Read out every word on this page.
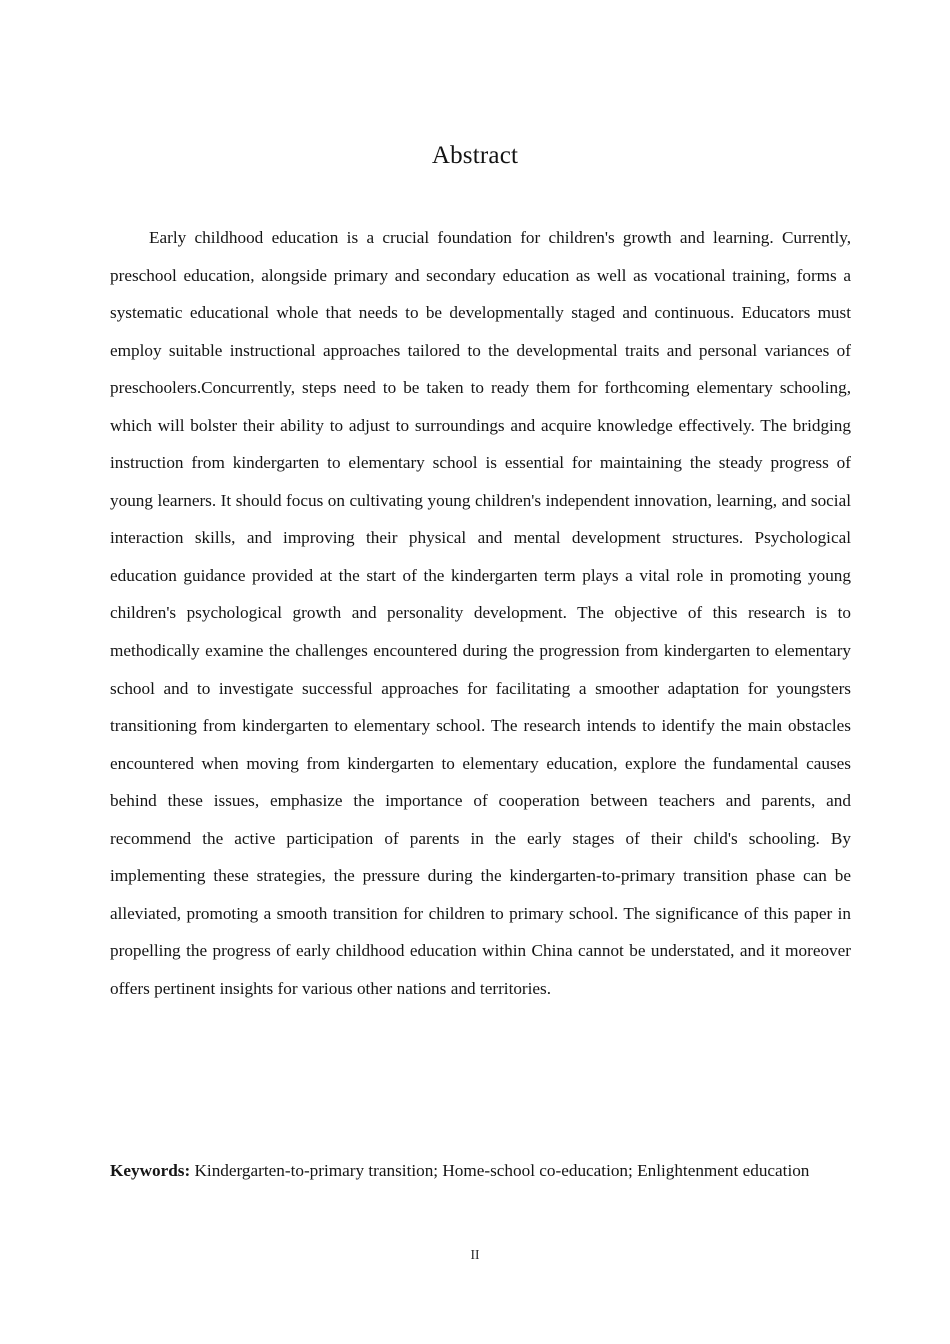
Abstract

Early childhood education is a crucial foundation for children's growth and learning. Currently, preschool education, alongside primary and secondary education as well as vocational training, forms a systematic educational whole that needs to be developmentally staged and continuous. Educators must employ suitable instructional approaches tailored to the developmental traits and personal variances of preschoolers.Concurrently, steps need to be taken to ready them for forthcoming elementary schooling, which will bolster their ability to adjust to surroundings and acquire knowledge effectively. The bridging instruction from kindergarten to elementary school is essential for maintaining the steady progress of young learners. It should focus on cultivating young children's independent innovation, learning, and social interaction skills, and improving their physical and mental development structures. Psychological education guidance provided at the start of the kindergarten term plays a vital role in promoting young children's psychological growth and personality development. The objective of this research is to methodically examine the challenges encountered during the progression from kindergarten to elementary school and to investigate successful approaches for facilitating a smoother adaptation for youngsters transitioning from kindergarten to elementary school. The research intends to identify the main obstacles encountered when moving from kindergarten to elementary education, explore the fundamental causes behind these issues, emphasize the importance of cooperation between teachers and parents, and recommend the active participation of parents in the early stages of their child's schooling. By implementing these strategies, the pressure during the kindergarten-to-primary transition phase can be alleviated, promoting a smooth transition for children to primary school. The significance of this paper in propelling the progress of early childhood education within China cannot be understated, and it moreover offers pertinent insights for various other nations and territories.

Keywords: Kindergarten-to-primary transition; Home-school co-education; Enlightenment education

II
